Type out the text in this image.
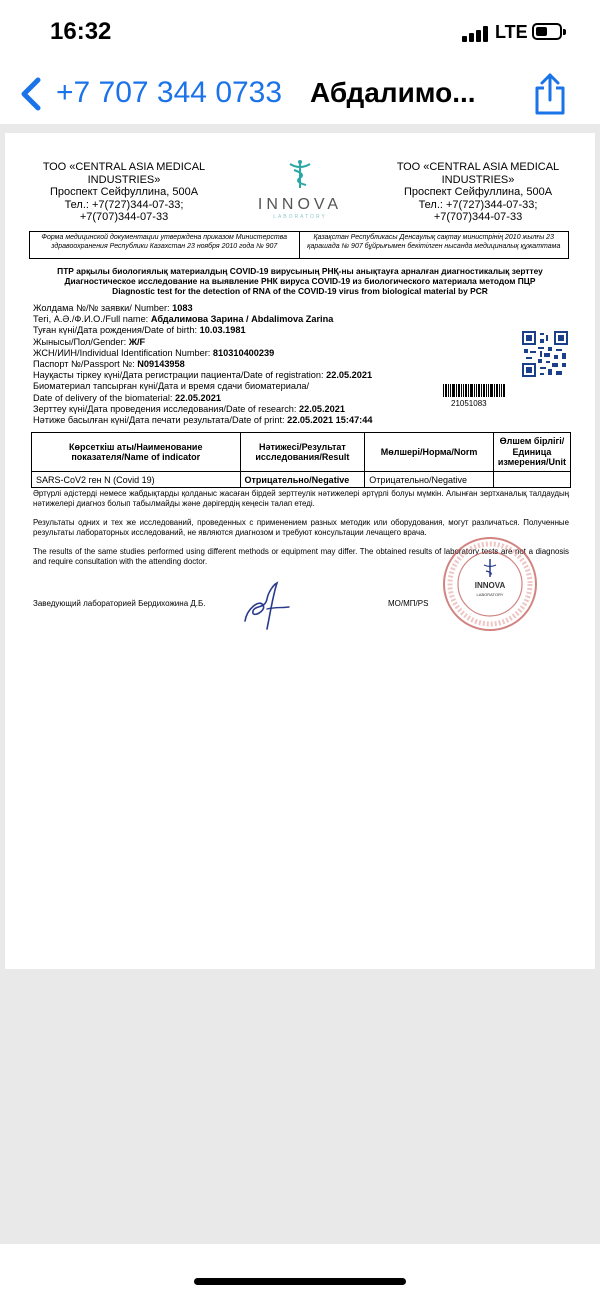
16:32	LTE
+7 707 344 0733 Абдалимо...
ТОО «CENTRAL ASIA MEDICAL INDUSTRIES»
Проспект Сейфуллина, 500А
Тел.: +7(727)344-07-33;
+7(707)344-07-33
INNOVA
LABORATORY
ТОО «CENTRAL ASIA MEDICAL INDUSTRIES»
Проспект Сейфуллина, 500А
Тел.: +7(727)344-07-33;
+7(707)344-07-33
Форма медицинской документации утверждена приказом Министерства здравоохранения Республики Казахстан 23 ноября 2010 года № 907
Қазақстан Республикасы Денсаулық сақтау министрінің 2010 жылғы 23 қарашада № 907 бұйрығымен бекітілген нысанда медициналық құжаттама
ПТР арқылы биологиялық материалдың COVID-19 вирусының РНҚ-ны анықтауға арналған диагностикалық зерттеу
Диагностическое исследование на выявление РНК вируса COVID-19 из биологического материала методом ПЦР
Diagnostic test for the detection of RNA of the COVID-19 virus from biological material by PCR
Жолдама №/№ заявки/ Number: 1083
Тегі, А.Ә./Ф.И.О./Full name: Абдалимова Зарина / Abdalimova Zarina
Туған күні/Дата рождения/Date of birth: 10.03.1981
Жынысы/Пол/Gender: Ж/F
ЖСН/ИИН/Individual Identification Number: 810310400239
Паспорт №/Passport №: N09143958
Науқасты тіркеу күні/Дата регистрации пациента/Date of registration: 22.05.2021
Биоматериал тапсырған күні/Дата и время сдачи биоматериала/
Date of delivery of the biomaterial: 22.05.2021
Зерттеу күні/Дата проведения исследования/Date of research: 22.05.2021
Нәтиже басылған күні/Дата печати результата/Date of print: 22.05.2021 15:47:44
21051083
Көрсеткіш аты/Наименование показателя/Name of indicator	Нәтижесі/Результат исследования/Result	Мөлшері/Норма/Norm	Өлшем бірлігі/Единица измерения/Unit
SARS-CoV2 ген N (Covid 19)	Отрицательно/Negative	Отрицательно/Negative	

Әртүрлі әдістерді немесе жабдықтарды қолданыс жасаған бірдей зерттеулік нәтижелері әртүрлі болуы мүмкін. Алынған зертханалық талдаудың нәтижелері диагноз болып табылмайды және дәрігердің кеңесін талап етеді.

Результаты одних и тех же исследований, проведенных с применением разных методик или оборудования, могут различаться. Полученные результаты лабораторных исследований, не являются диагнозом и требуют консультации лечащего врача.

The results of the same studies performed using different methods or equipment may differ. The obtained results of laboratory tests are not a diagnosis and require consultation with the attending doctor.

Заведующий лабораторией Бердихожина Д.Б.	МО/МП/PS
INNOVA
LABORATORY
